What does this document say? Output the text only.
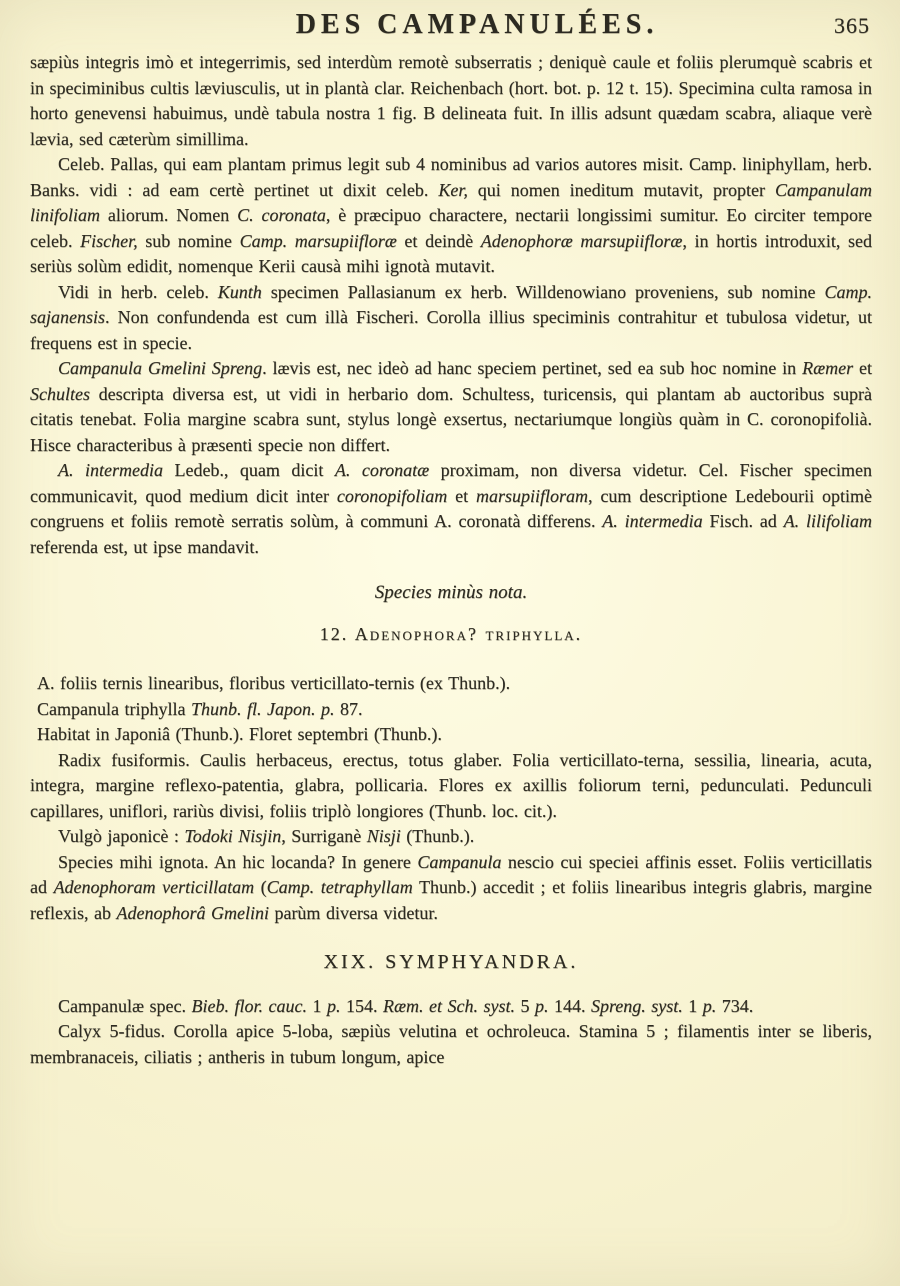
DES CAMPANULÉES.	365

sæpiùs integris imò et integerrimis, sed interdùm remotè subserratis ; deniquè caule et foliis plerumquè scabris et in speciminibus cultis læviusculis, ut in plantà clar. Reichenbach (hort. bot. p. 12 t. 15). Specimina culta ramosa in horto genevensi habuimus, undè tabula nostra 1 fig. B delineata fuit. In illis adsunt quædam scabra, aliaque verè lævia, sed cæterùm simillima.

Celeb. Pallas, qui eam plantam primus legit sub 4 nominibus ad varios autores misit. Camp. liniphyllam, herb. Banks. vidi : ad eam certè pertinet ut dixit celeb. Ker, qui nomen ineditum mutavit, propter Campanulam linifoliam aliorum. Nomen C. coronata, è præcipuo charactere, nectarii longissimi sumitur. Eo circiter tempore celeb. Fischer, sub nomine Camp. marsupiifloræ et deindè Adenophoræ marsupiifloræ, in hortis introduxit, sed seriùs solùm edidit, nomenque Kerii causà mihi ignotà mutavit.

Vidi in herb. celeb. Kunth specimen Pallasianum ex herb. Willdenowiano proveniens, sub nomine Camp. sajanensis. Non confundenda est cum illà Fischeri. Corolla illius speciminis contrahitur et tubulosa videtur, ut frequens est in specie.

Campanula Gmelini Spreng. lævis est, nec ideò ad hanc speciem pertinet, sed ea sub hoc nomine in Ræmer et Schultes descripta diversa est, ut vidi in herbario dom. Schultess, turicensis, qui plantam ab auctoribus suprà citatis tenebat. Folia margine scabra sunt, stylus longè exsertus, nectariumque longiùs quàm in C. coronopifolià. Hisce characteribus à præsenti specie non differt.

A. intermedia Ledeb., quam dicit A. coronatæ proximam, non diversa videtur. Cel. Fischer specimen communicavit, quod medium dicit inter coronopifoliam et marsupiifloram, cum descriptione Ledebourii optimè congruens et foliis remotè serratis solùm, à communi A. coronatà differens. A. intermedia Fisch. ad A. lilifoliam referenda est, ut ipse mandavit.

Species minùs nota.
12. Adenophora? triphylla.

A. foliis ternis linearibus, floribus verticillato-ternis (ex Thunb.).

Campanula triphylla Thunb. fl. Japon. p. 87.

Habitat in Japoniâ (Thunb.). Floret septembri (Thunb.).

Radix fusiformis. Caulis herbaceus, erectus, totus glaber. Folia verticillato-terna, sessilia, linearia, acuta, integra, margine reflexo-patentia, glabra, pollicaria. Flores ex axillis foliorum terni, pedunculati. Pedunculi capillares, uniflori, rariùs divisi, foliis triplò longiores (Thunb. loc. cit.).

Vulgò japonicè : Todoki Nisjin, Surriganè Nisji (Thunb.).

Species mihi ignota. An hic locanda? In genere Campanula nescio cui speciei affinis esset. Foliis verticillatis ad Adenophoram verticillatam (Camp. tetraphyllam Thunb.) accedit ; et foliis linearibus integris glabris, margine reflexis, ab Adenophorâ Gmelini parùm diversa videtur.

XIX. SYMPHYANDRA.

Campanulæ spec. Bieb. flor. cauc. 1 p. 154. Ræm. et Sch. syst. 5 p. 144. Spreng. syst. 1 p. 734.

Calyx 5-fidus. Corolla apice 5-loba, sæpiùs velutina et ochroleuca. Stamina 5 ; filamentis inter se liberis, membranaceis, ciliatis ; antheris in tubum longum, apice
